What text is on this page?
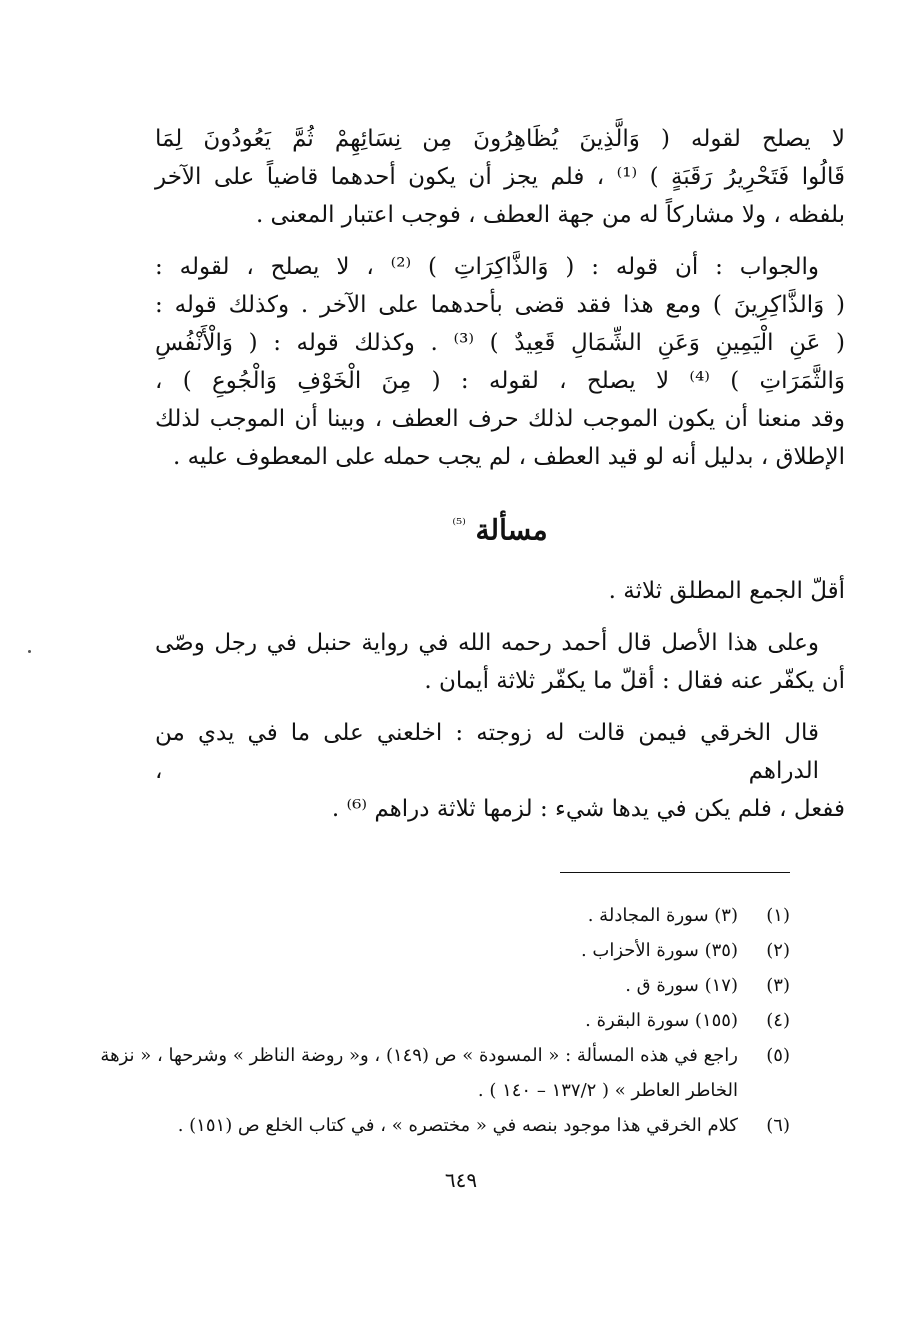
لا يصلح لقوله ( وَالَّذِينَ يُظَاهِرُونَ مِن نِسَائِهِمْ ثُمَّ يَعُودُونَ لِمَا
قَالُوا فَتَحْرِيرُ رَقَبَةٍ ) ⁽¹⁾ ، فلم يجز أن يكون أحدهما قاضياً على الآخر
بلفظه ، ولا مشاركاً له من جهة العطف ، فوجب اعتبار المعنى .

والجواب : أن قوله : ( وَالذَّاكِرَاتِ ) ⁽²⁾ ، لا يصلح ، لقوله :
( وَالذَّاكِرِينَ ) ومع هذا فقد قضى بأحدهما على الآخر . وكذلك قوله :
( عَنِ الْيَمِينِ وَعَنِ الشِّمَالِ قَعِيدٌ ) ⁽³⁾ . وكذلك قوله : ( وَالْأَنْفُسِ
وَالثَّمَرَاتِ ) ⁽⁴⁾ لا يصلح ، لقوله : ( مِنَ الْخَوْفِ وَالْجُوعِ ) ،
وقد منعنا أن يكون الموجب لذلك حرف العطف ، وبينا أن الموجب لذلك
الإطلاق ، بدليل أنه لو قيد العطف ، لم يجب حمله على المعطوف عليه .

مسألة $^{^{(5)}}$

أقلّ الجمع المطلق ثلاثة .

وعلى هذا الأصل قال أحمد رحمه الله في رواية حنبل في رجل وصّى
أن يكفّر عنه فقال : أقلّ ما يكفّر ثلاثة أيمان .

قال الخرقي فيمن قالت له زوجته : اخلعني على ما في يدي من الدراهم ،
ففعل ، فلم يكن في يدها شيء : لزمها ثلاثة دراهم ⁽⁶⁾ .

(١)
(٣) سورة المجادلة .
(٢)
(٣٥) سورة الأحزاب .
(٣)
(١٧) سورة ق .
(٤)
(١٥٥) سورة البقرة .
(٥)
راجع في هذه المسألة : « المسودة » ص (١٤٩) ، و« روضة الناظر » وشرحها ، « نزهة الخاطر العاطر » ( ١٣٧/٢ – ١٤٠ ) .
(٦)
كلام الخرقي هذا موجود بنصه في « مختصره » ، في كتاب الخلع ص (١٥١) .
٦٤٩
